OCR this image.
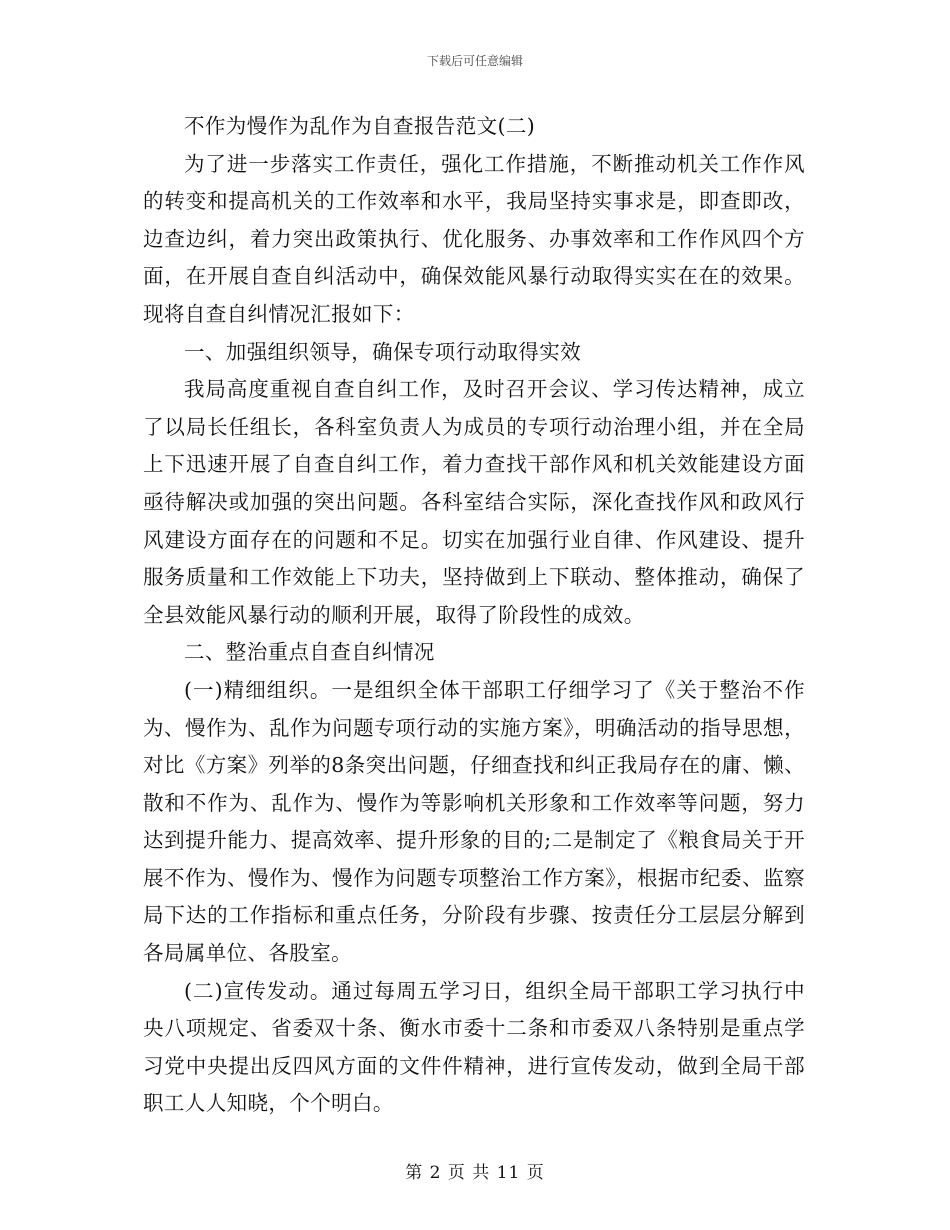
下载后可任意编辑

不作为慢作为乱作为自查报告范文(二)

为了进一步落实工作责任，强化工作措施，不断推动机关工作作风的转变和提高机关的工作效率和水平，我局坚持实事求是，即查即改，边查边纠，着力突出政策执行、优化服务、办事效率和工作作风四个方面，在开展自查自纠活动中，确保效能风暴行动取得实实在在的效果。现将自查自纠情况汇报如下：

一、加强组织领导，确保专项行动取得实效

我局高度重视自查自纠工作，及时召开会议、学习传达精神，成立了以局长任组长，各科室负责人为成员的专项行动治理小组，并在全局上下迅速开展了自查自纠工作，着力查找干部作风和机关效能建设方面亟待解决或加强的突出问题。各科室结合实际，深化查找作风和政风行风建设方面存在的问题和不足。切实在加强行业自律、作风建设、提升服务质量和工作效能上下功夫，坚持做到上下联动、整体推动，确保了全县效能风暴行动的顺利开展，取得了阶段性的成效。

二、整治重点自查自纠情况

(一)精细组织。一是组织全体干部职工仔细学习了《关于整治不作为、慢作为、乱作为问题专项行动的实施方案》，明确活动的指导思想，对比《方案》列举的8条突出问题，仔细查找和纠正我局存在的庸、懒、散和不作为、乱作为、慢作为等影响机关形象和工作效率等问题，努力达到提升能力、提高效率、提升形象的目的;二是制定了《粮食局关于开展不作为、慢作为、慢作为问题专项整治工作方案》，根据市纪委、监察局下达的工作指标和重点任务，分阶段有步骤、按责任分工层层分解到各局属单位、各股室。

(二)宣传发动。通过每周五学习日，组织全局干部职工学习执行中央八项规定、省委双十条、衡水市委十二条和市委双八条特别是重点学习党中央提出反四风方面的文件件精神，进行宣传发动，做到全局干部职工人人知晓，个个明白。

第 2 页 共 11 页
